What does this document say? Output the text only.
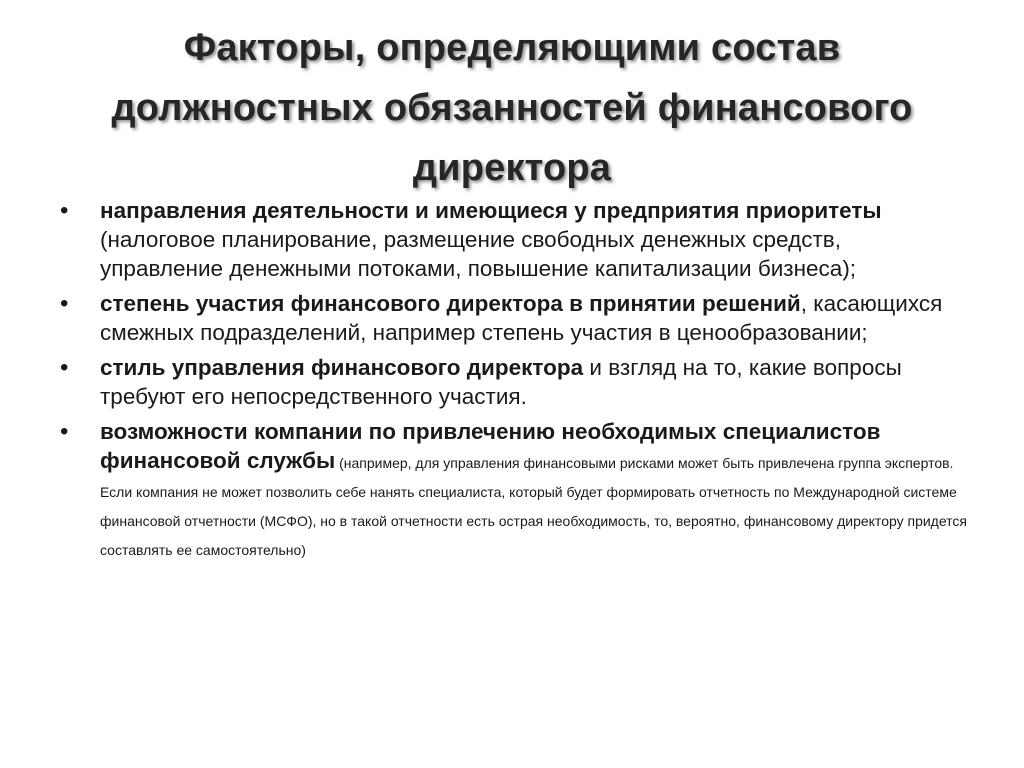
Факторы, определяющими состав должностных обязанностей финансового директора
• направления деятельности и имеющиеся у предприятия приоритеты (налоговое планирование, размещение свободных денежных средств, управление денежными потоками, повышение капитализации бизнеса);
• степень участия финансового директора в принятии решений, касающихся смежных подразделений, например степень участия в ценообразовании;
• стиль управления финансового директора и взгляд на то, какие вопросы требуют его непосредственного участия.
• возможности компании по привлечению необходимых специалистов финансовой службы (например, для управления финансовыми рисками может быть привлечена группа экспертов. Если компания не может позволить себе нанять специалиста, который будет формировать отчетность по Международной системе финансовой отчетности (МСФО), но в такой отчетности есть острая необходимость, то, вероятно, финансовому директору придется составлять ее самостоятельно)
